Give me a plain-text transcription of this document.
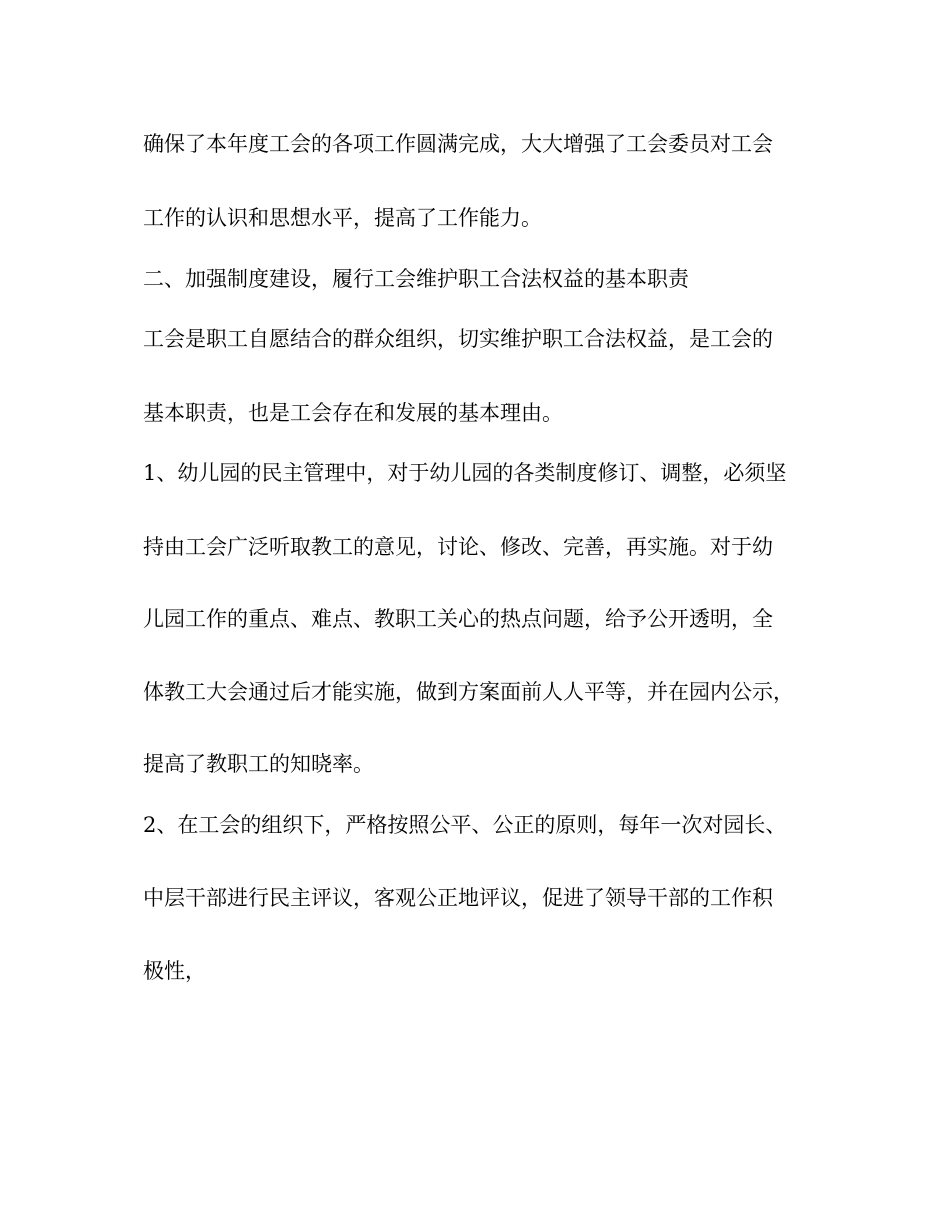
确保了本年度工会的各项工作圆满完成，大大增强了工会委员对工会

工作的认识和思想水平，提高了工作能力。

二、加强制度建设，履行工会维护职工合法权益的基本职责

工会是职工自愿结合的群众组织，切实维护职工合法权益，是工会的

基本职责，也是工会存在和发展的基本理由。

1、幼儿园的民主管理中，对于幼儿园的各类制度修订、调整，必须坚

持由工会广泛听取教工的意见，讨论、修改、完善，再实施。对于幼

儿园工作的重点、难点、教职工关心的热点问题，给予公开透明，全

体教工大会通过后才能实施，做到方案面前人人平等，并在园内公示，

提高了教职工的知晓率。

2、在工会的组织下，严格按照公平、公正的原则，每年一次对园长、

中层干部进行民主评议，客观公正地评议，促进了领导干部的工作积

极性，
